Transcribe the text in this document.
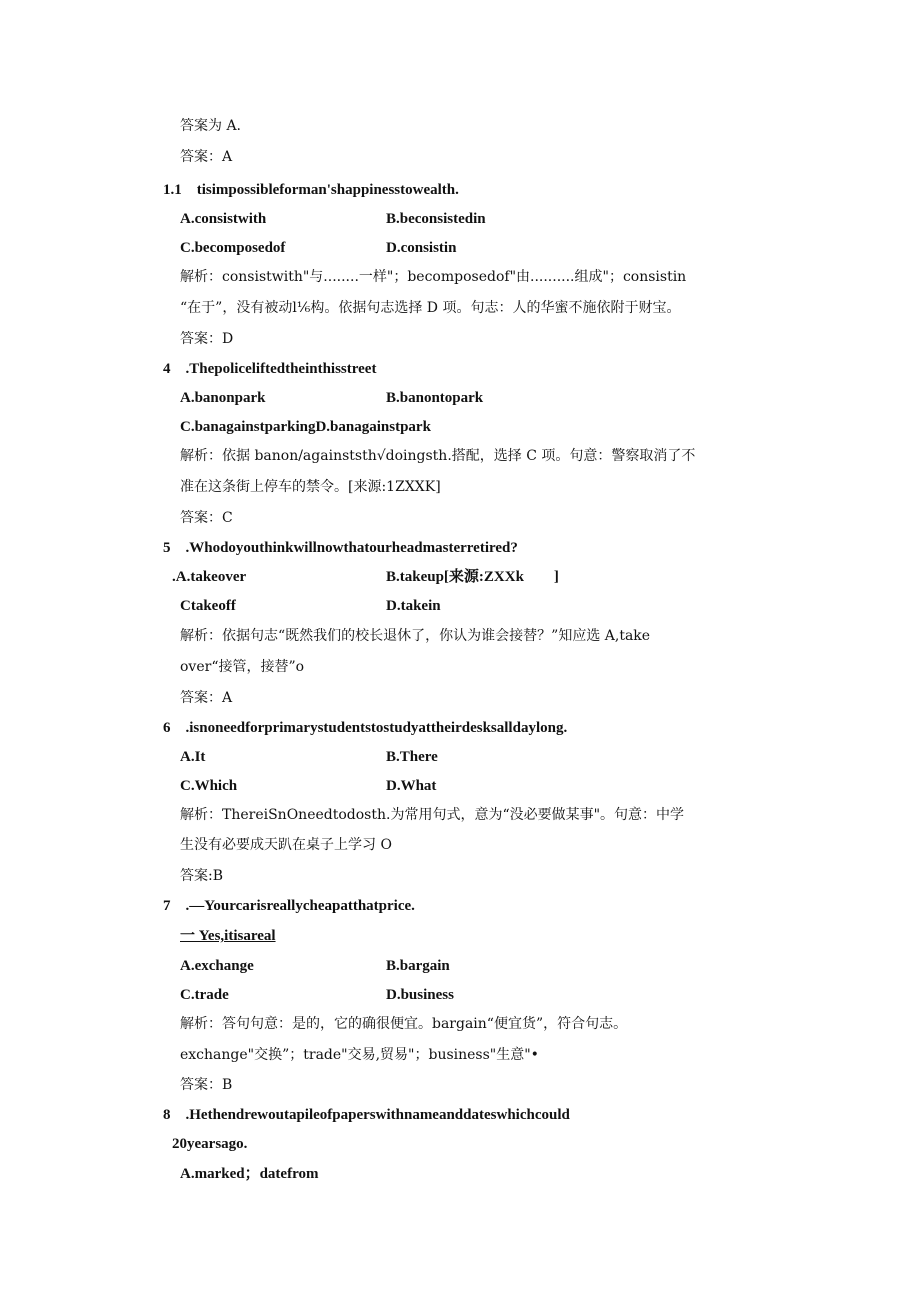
答案为 A.
答案：A
1.1　tisimpossibleforman'shappinesstowealth.
A.consistwith	B.beconsistedin
C.becomposedof	D.consistin
解析：consistwith"与........一样"；becomposedof"由..........组成"；consistin
“在于”，没有被动l⅙构。依据句志选择 D 项。句志：人的华蜜不施依附于财宝。
答案：D
4　.Thepoliceliftedtheinthisstreet
A.banonpark	B.banontopark
C.banagainstparkingD.banagainstpark
解析：依据 banon/againststh√doingsth.搭配，选择 C 项。句意：警察取消了不
准在这条街上停车的禁令。[来源:1ZXXK]
答案：C
5　.Whodoyouthinkwillnowthatourheadmasterretired?
.A.takeover	B.takeup[来源:ZXXk　　]
Ctakeoff	D.takein
解析：依据句志“既然我们的校长退休了，你认为谁会接替？”知应选 A,take
over“接管，接替”o
答案：A
6　.isnoneedforprimarystudentstostudyattheirdesksalldaylong.
A.It	B.There
C.Which	D.What
解析：ThereiSnOneedtodosth.为常用句式，意为“没必要做某事"。句意：中学
生没有必要成天趴在桌子上学习 O
答案:B
7　.—Yourcarisreallycheapatthatprice.
一 Yes,itisareal
A.exchange	B.bargain
C.trade	D.business
解析：答句句意：是的，它的确很便宜。bargain“便宜货”，符合句志。
exchange"交换”；trade"交易,贸易"；business"生意"•
答案：B
8　.Hethendrewoutapileofpaperswithnameanddateswhichcould
20yearsago.
A.marked；datefrom
